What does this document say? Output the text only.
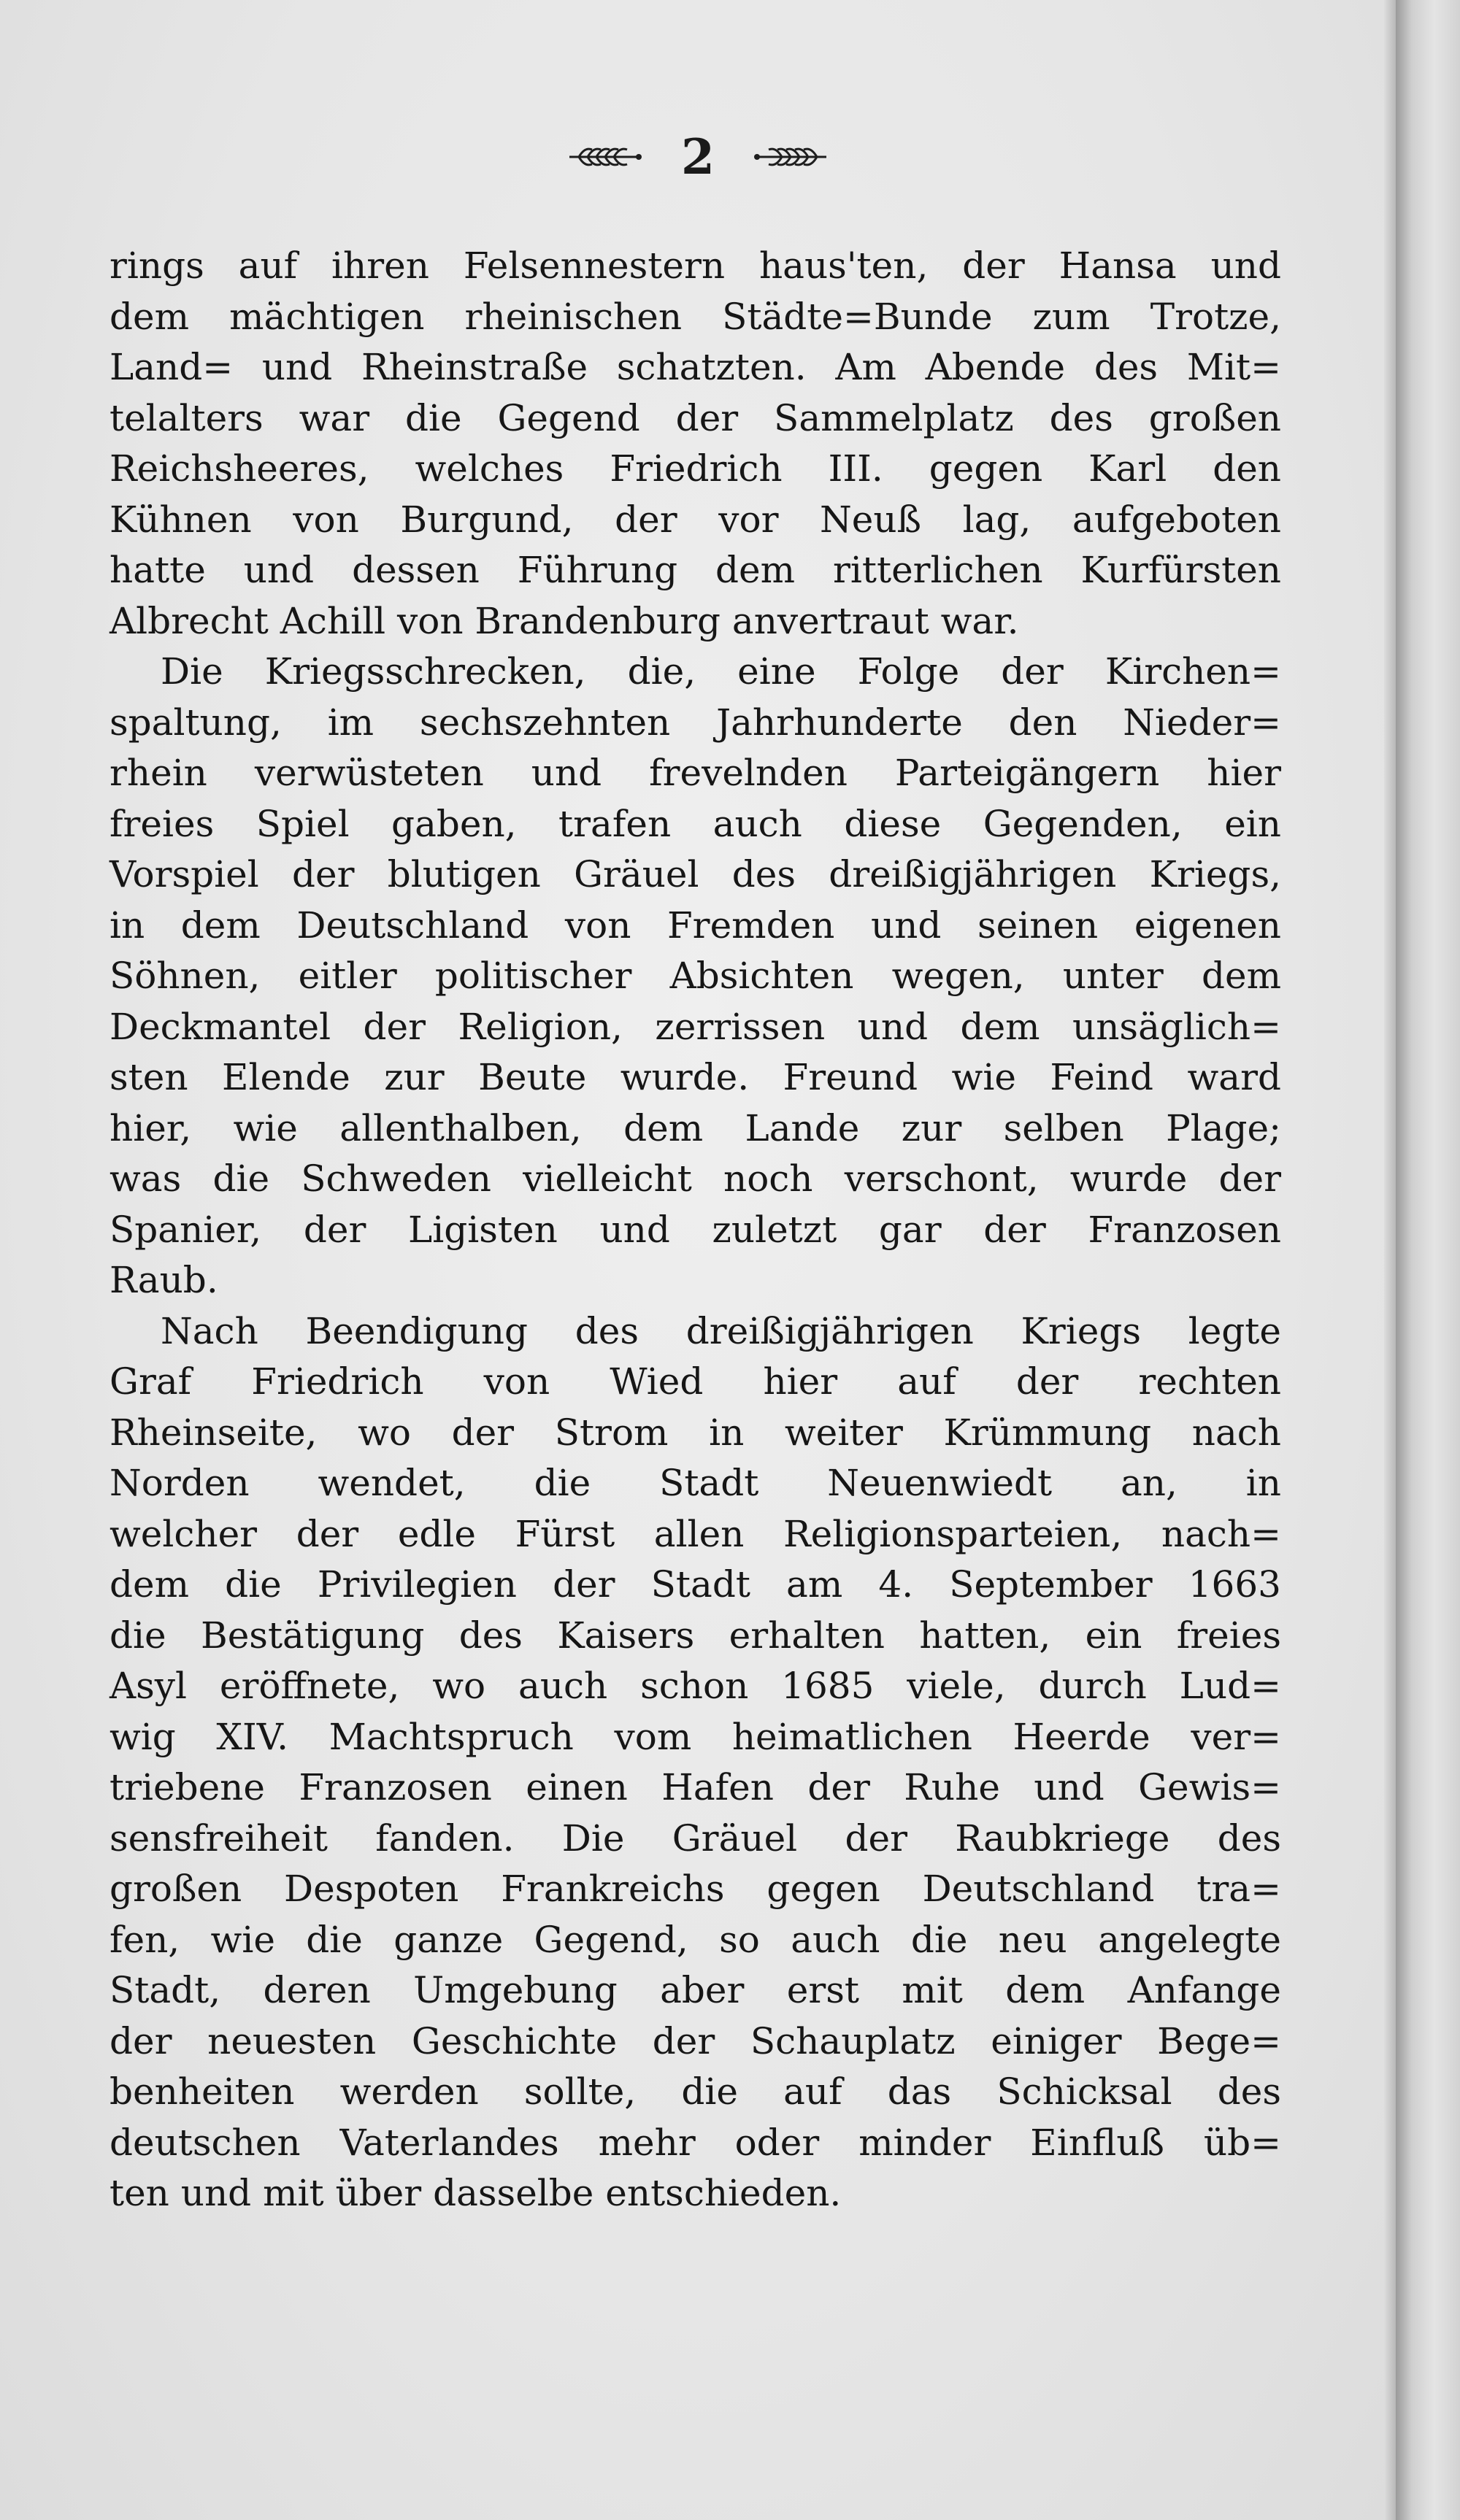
2
rings auf ihren Felsennestern haus'ten, der Hansa und
dem mächtigen rheinischen Städte=Bunde zum Trotze,
Land= und Rheinstraße schatzten. Am Abende des Mit=
telalters war die Gegend der Sammelplatz des großen
Reichsheeres, welches Friedrich III. gegen Karl den
Kühnen von Burgund, der vor Neuß lag, aufgeboten
hatte und dessen Führung dem ritterlichen Kurfürsten
Albrecht Achill von Brandenburg anvertraut war.
Die Kriegsschrecken, die, eine Folge der Kirchen=
spaltung, im sechszehnten Jahrhunderte den Nieder=
rhein verwüsteten und frevelnden Parteigängern hier
freies Spiel gaben, trafen auch diese Gegenden, ein
Vorspiel der blutigen Gräuel des dreißigjährigen Kriegs,
in dem Deutschland von Fremden und seinen eigenen
Söhnen, eitler politischer Absichten wegen, unter dem
Deckmantel der Religion, zerrissen und dem unsäglich=
sten Elende zur Beute wurde. Freund wie Feind ward
hier, wie allenthalben, dem Lande zur selben Plage;
was die Schweden vielleicht noch verschont, wurde der
Spanier, der Ligisten und zuletzt gar der Franzosen
Raub.
Nach Beendigung des dreißigjährigen Kriegs legte
Graf Friedrich von Wied hier auf der rechten
Rheinseite, wo der Strom in weiter Krümmung nach
Norden wendet, die Stadt Neuenwiedt an, in
welcher der edle Fürst allen Religionsparteien, nach=
dem die Privilegien der Stadt am 4. September 1663
die Bestätigung des Kaisers erhalten hatten, ein freies
Asyl eröffnete, wo auch schon 1685 viele, durch Lud=
wig XIV. Machtspruch vom heimatlichen Heerde ver=
triebene Franzosen einen Hafen der Ruhe und Gewis=
sensfreiheit fanden. Die Gräuel der Raubkriege des
großen Despoten Frankreichs gegen Deutschland tra=
fen, wie die ganze Gegend, so auch die neu angelegte
Stadt, deren Umgebung aber erst mit dem Anfange
der neuesten Geschichte der Schauplatz einiger Bege=
benheiten werden sollte, die auf das Schicksal des
deutschen Vaterlandes mehr oder minder Einfluß üb=
ten und mit über dasselbe entschieden.
